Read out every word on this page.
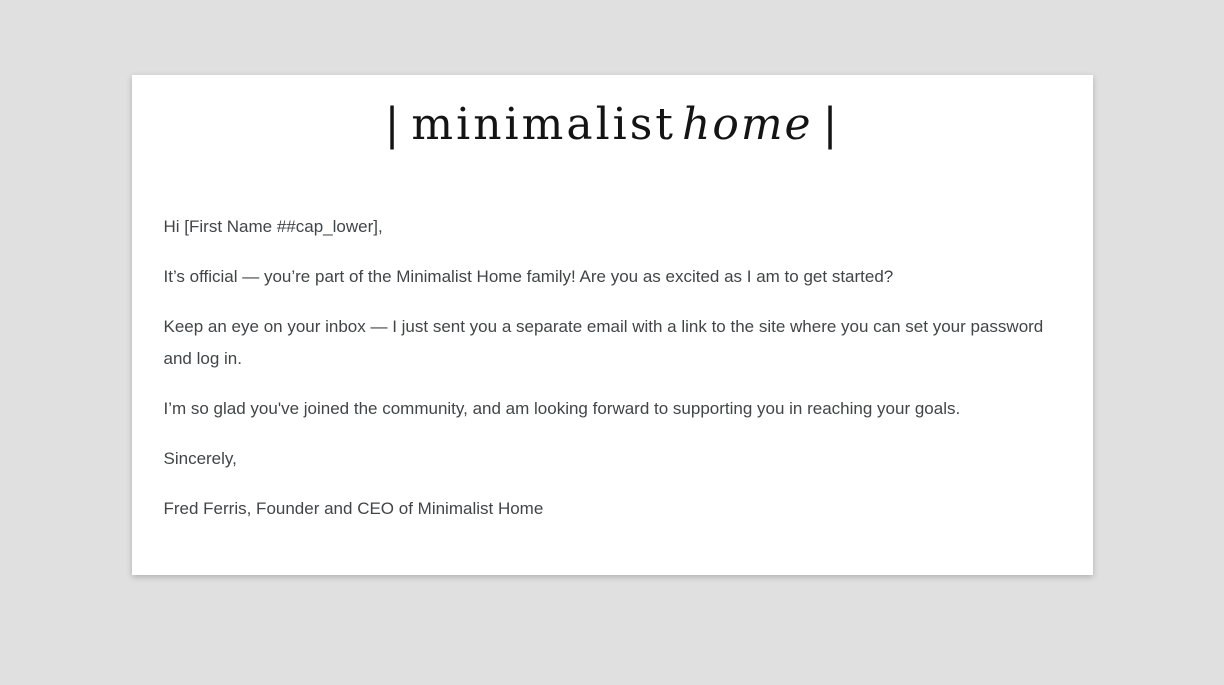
| minimalist home |

Hi [First Name ##cap_lower],

It’s official — you’re part of the Minimalist Home family! Are you as excited as I am to get started?

Keep an eye on your inbox — I just sent you a separate email with a link to the site where you can set your password and log in.

I’m so glad you've joined the community, and am looking forward to supporting you in reaching your goals.

Sincerely,

Fred Ferris, Founder and CEO of Minimalist Home
